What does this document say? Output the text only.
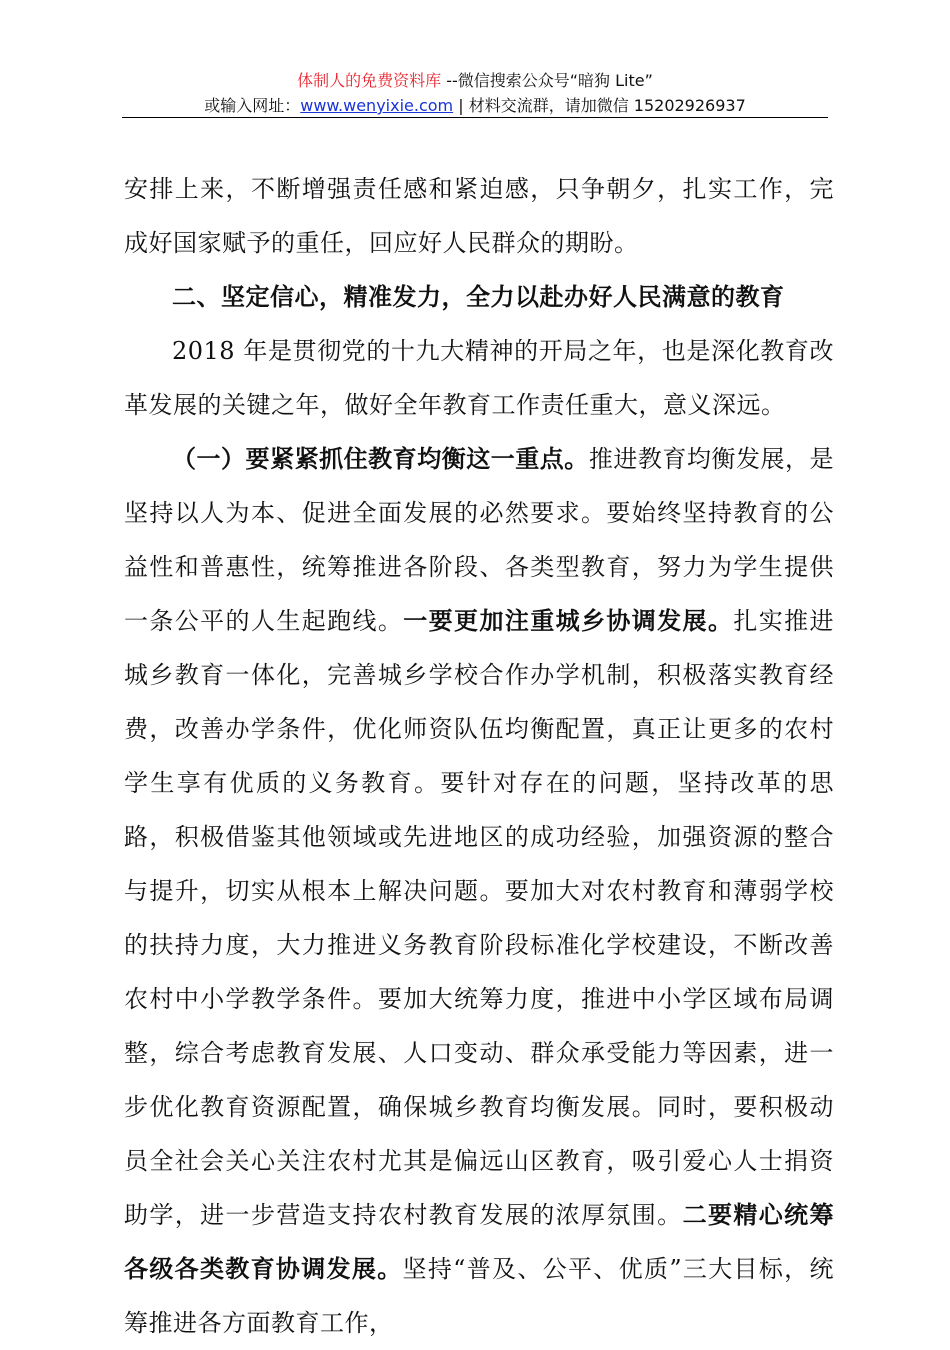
体制人的免费资料库 --微信搜索公众号“暗狗 Lite”
或输入网址：www.wenyixie.com | 材料交流群，请加微信 15202926937

安排上来，不断增强责任感和紧迫感，只争朝夕，扎实工作，完成好国家赋予的重任，回应好人民群众的期盼。

二、坚定信心，精准发力，全力以赴办好人民满意的教育

2018 年是贯彻党的十九大精神的开局之年，也是深化教育改革发展的关键之年，做好全年教育工作责任重大，意义深远。

（一）要紧紧抓住教育均衡这一重点。推进教育均衡发展，是坚持以人为本、促进全面发展的必然要求。要始终坚持教育的公益性和普惠性，统筹推进各阶段、各类型教育，努力为学生提供一条公平的人生起跑线。一要更加注重城乡协调发展。扎实推进城乡教育一体化，完善城乡学校合作办学机制，积极落实教育经费，改善办学条件，优化师资队伍均衡配置，真正让更多的农村学生享有优质的义务教育。要针对存在的问题，坚持改革的思路，积极借鉴其他领域或先进地区的成功经验，加强资源的整合与提升，切实从根本上解决问题。要加大对农村教育和薄弱学校的扶持力度，大力推进义务教育阶段标准化学校建设，不断改善农村中小学教学条件。要加大统筹力度，推进中小学区域布局调整，综合考虑教育发展、人口变动、群众承受能力等因素，进一步优化教育资源配置，确保城乡教育均衡发展。同时，要积极动员全社会关心关注农村尤其是偏远山区教育，吸引爱心人士捐资助学，进一步营造支持农村教育发展的浓厚氛围。二要精心统筹各级各类教育协调发展。坚持“普及、公平、优质”三大目标，统筹推进各方面教育工作，
